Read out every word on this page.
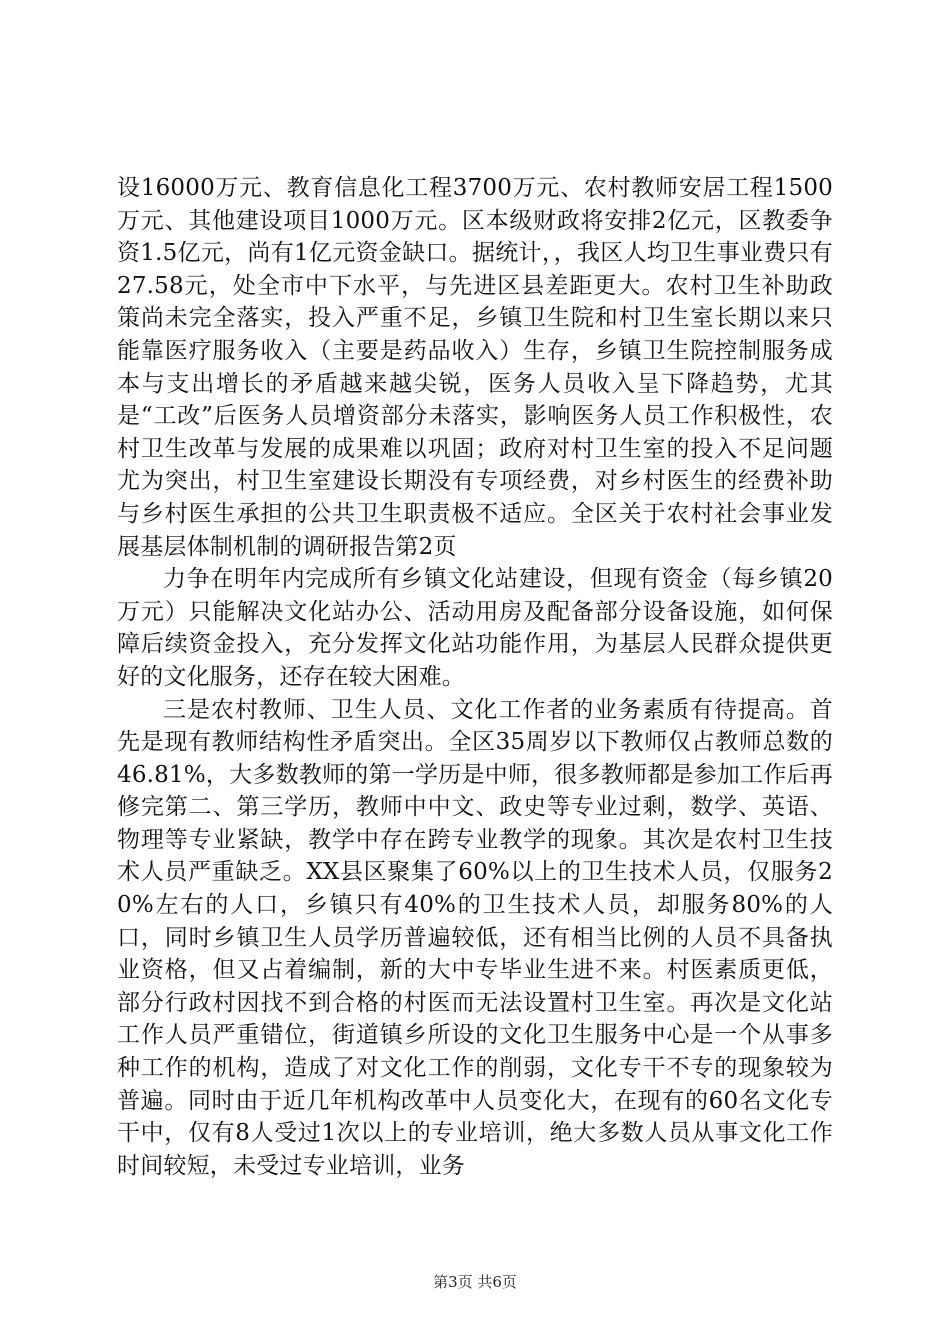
设16000万元、教育信息化工程3700万元、农村教师安居工程1500万元、其他建设项目1000万元。区本级财政将安排2亿元，区教委争资1.5亿元，尚有1亿元资金缺口。据统计，，我区人均卫生事业费只有27.58元，处全市中下水平，与先进区县差距更大。农村卫生补助政策尚未完全落实，投入严重不足，乡镇卫生院和村卫生室长期以来只能靠医疗服务收入（主要是药品收入）生存，乡镇卫生院控制服务成本与支出增长的矛盾越来越尖锐，医务人员收入呈下降趋势，尤其是“工改”后医务人员增资部分未落实，影响医务人员工作积极性，农村卫生改革与发展的成果难以巩固；政府对村卫生室的投入不足问题尤为突出，村卫生室建设长期没有专项经费，对乡村医生的经费补助与乡村医生承担的公共卫生职责极不适应。全区关于农村社会事业发展基层体制机制的调研报告第2页

力争在明年内完成所有乡镇文化站建设，但现有资金（每乡镇20万元）只能解决文化站办公、活动用房及配备部分设备设施，如何保障后续资金投入，充分发挥文化站功能作用，为基层人民群众提供更好的文化服务，还存在较大困难。

三是农村教师、卫生人员、文化工作者的业务素质有待提高。首先是现有教师结构性矛盾突出。全区35周岁以下教师仅占教师总数的46.81%，大多数教师的第一学历是中师，很多教师都是参加工作后再修完第二、第三学历，教师中中文、政史等专业过剩，数学、英语、物理等专业紧缺，教学中存在跨专业教学的现象。其次是农村卫生技术人员严重缺乏。XX县区聚集了60%以上的卫生技术人员，仅服务20%左右的人口，乡镇只有40%的卫生技术人员，却服务80%的人口，同时乡镇卫生人员学历普遍较低，还有相当比例的人员不具备执业资格，但又占着编制，新的大中专毕业生进不来。村医素质更低，部分行政村因找不到合格的村医而无法设置村卫生室。再次是文化站工作人员严重错位，街道镇乡所设的文化卫生服务中心是一个从事多种工作的机构，造成了对文化工作的削弱，文化专干不专的现象较为普遍。同时由于近几年机构改革中人员变化大，在现有的60名文化专干中，仅有8人受过1次以上的专业培训，绝大多数人员从事文化工作时间较短，未受过专业培训，业务

第3页 共6页
